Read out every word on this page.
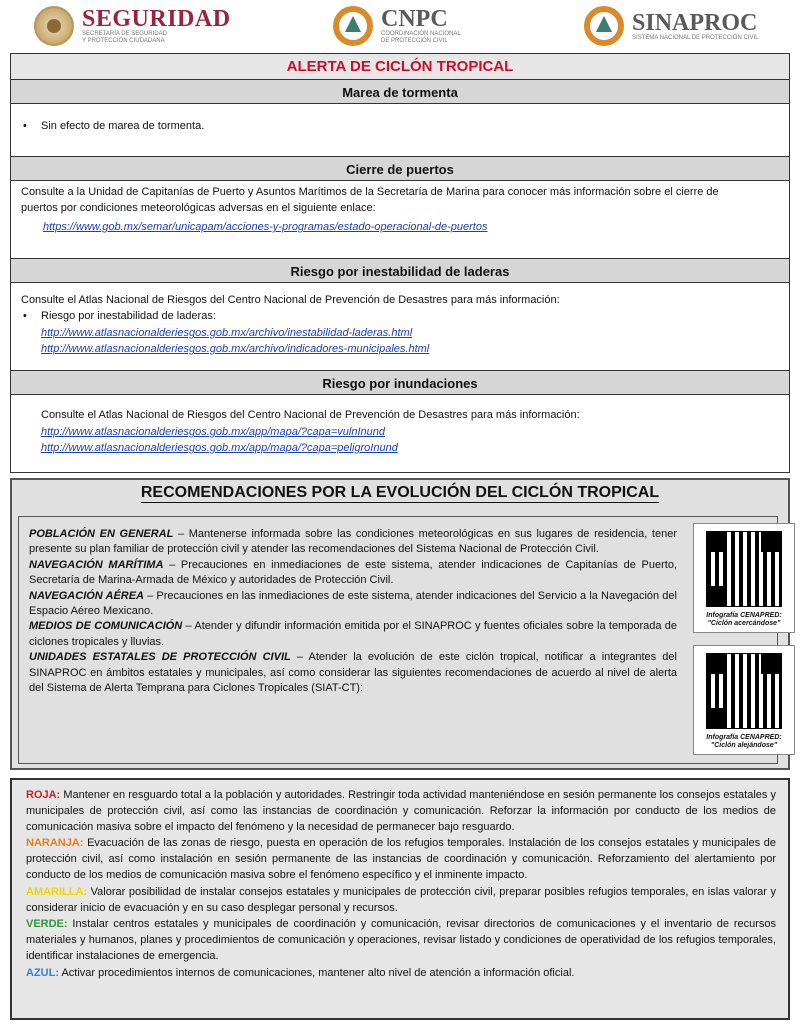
SEGURIDAD
SECRETARÍA DE SEGURIDAD
Y PROTECCIÓN CIUDADANA
CNPC
COORDINACIÓN NACIONAL
DE PROTECCIÓN CIVIL
SINAPROC
SISTEMA NACIONAL DE PROTECCIÓN CIVIL
ALERTA DE CICLÓN TROPICAL
Marea de tormenta
• Sin efecto de marea de tormenta.
Cierre de puertos
Consulte a la Unidad de Capitanías de Puerto y Asuntos Marítimos de la Secretaría de Marina para conocer más información sobre el cierre de
puertos por condiciones meteorológicas adversas en el siguiente enlace:
https://www.gob.mx/semar/unicapam/acciones-y-programas/estado-operacional-de-puertos
Riesgo por inestabilidad de laderas
Consulte el Atlas Nacional de Riesgos del Centro Nacional de Prevención de Desastres para más información:
• Riesgo por inestabilidad de laderas:
http://www.atlasnacionalderiesgos.gob.mx/archivo/inestabilidad-laderas.html
http://www.atlasnacionalderiesgos.gob.mx/archivo/indicadores-municipales.html
Riesgo por inundaciones
Consulte el Atlas Nacional de Riesgos del Centro Nacional de Prevención de Desastres para más información:
http://www.atlasnacionalderiesgos.gob.mx/app/mapa/?capa=vulnInund
http://www.atlasnacionalderiesgos.gob.mx/app/mapa/?capa=peligroInund
RECOMENDACIONES POR LA EVOLUCIÓN DEL CICLÓN TROPICAL

POBLACIÓN EN GENERAL – Mantenerse informada sobre las condiciones meteorológicas en sus lugares de residencia, tener presente su plan familiar de protección civil y atender las recomendaciones del Sistema Nacional de Protección Civil.

NAVEGACIÓN MARÍTIMA – Precauciones en inmediaciones de este sistema, atender indicaciones de Capitanías de Puerto, Secretaría de Marina-Armada de México y autoridades de Protección Civil.

NAVEGACIÓN AÉREA – Precauciones en las inmediaciones de este sistema, atender indicaciones del Servicio a la Navegación del Espacio Aéreo Mexicano.

MEDIOS DE COMUNICACIÓN – Atender y difundir información emitida por el SINAPROC y fuentes oficiales sobre la temporada de ciclones tropicales y lluvias.

UNIDADES ESTATALES DE PROTECCIÓN CIVIL – Atender la evolución de este ciclón tropical, notificar a integrantes del SINAPROC en ámbitos estatales y municipales, así como considerar las siguientes recomendaciones de acuerdo al nivel de alerta del Sistema de Alerta Temprana para Ciclones Tropicales (SIAT-CT):

Infografía CENAPRED:
"Ciclón acercándose"
Infografía CENAPRED:
"Ciclón alejándose"

ROJA: Mantener en resguardo total a la población y autoridades. Restringir toda actividad manteniéndose en sesión permanente los consejos estatales y municipales de protección civil, así como las instancias de coordinación y comunicación. Reforzar la información por conducto de los medios de comunicación masiva sobre el impacto del fenómeno y la necesidad de permanecer bajo resguardo.

NARANJA: Evacuación de las zonas de riesgo, puesta en operación de los refugios temporales. Instalación de los consejos estatales y municipales de protección civil, así como instalación en sesión permanente de las instancias de coordinación y comunicación. Reforzamiento del alertamiento por conducto de los medios de comunicación masiva sobre el fenómeno específico y el inminente impacto.

AMARILLA: Valorar posibilidad de instalar consejos estatales y municipales de protección civil, preparar posibles refugios temporales, en islas valorar y considerar inicio de evacuación y en su caso desplegar personal y recursos.

VERDE: Instalar centros estatales y municipales de coordinación y comunicación, revisar directorios de comunicaciones y el inventario de recursos materiales y humanos, planes y procedimientos de comunicación y operaciones, revisar listado y condiciones de operatividad de los refugios temporales, identificar instalaciones de emergencia.

AZUL: Activar procedimientos internos de comunicaciones, mantener alto nivel de atención a información oficial.
